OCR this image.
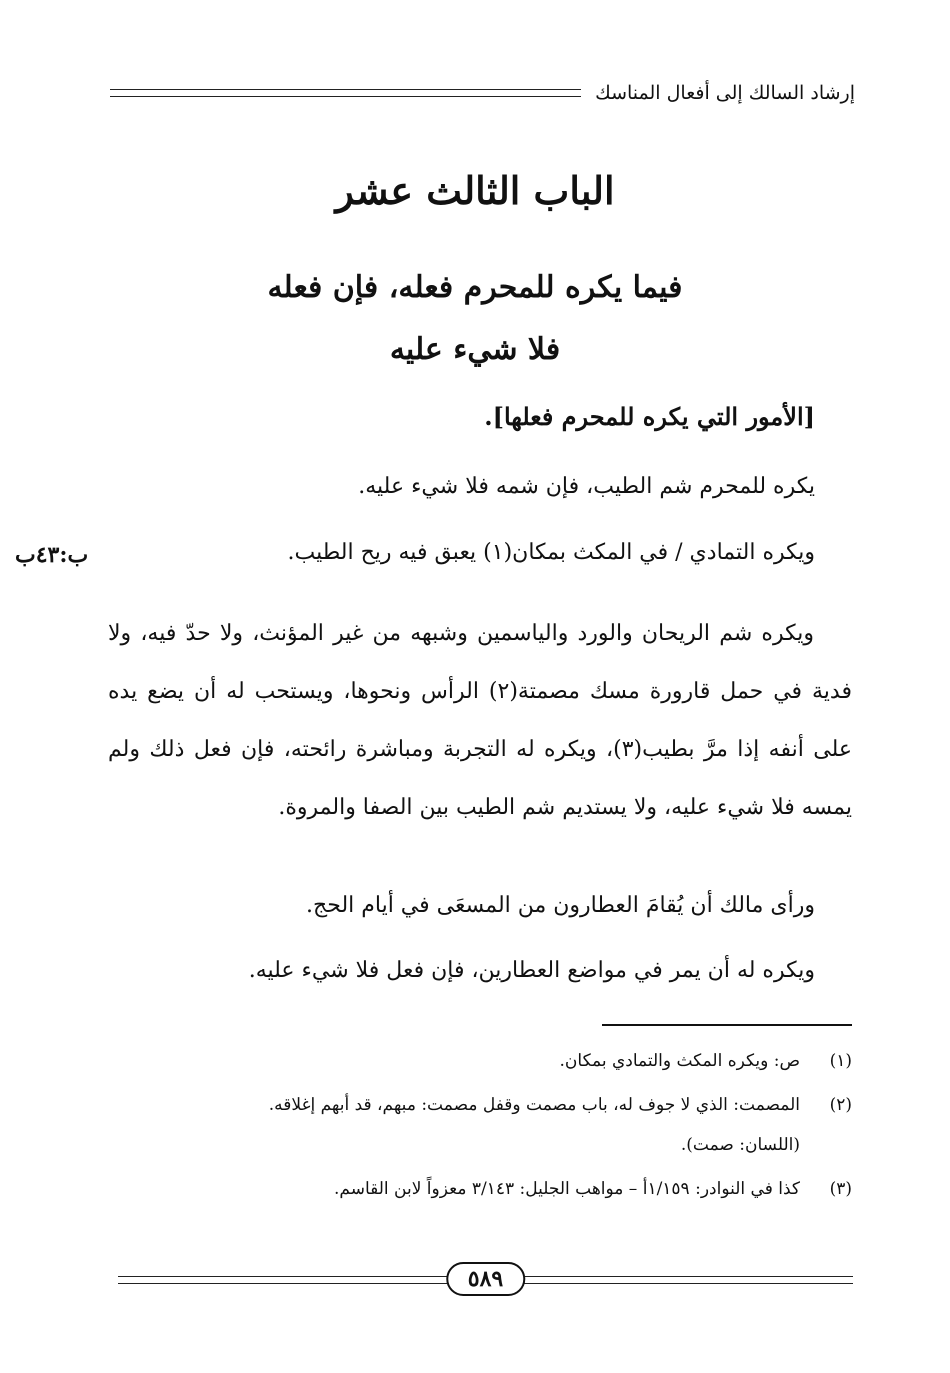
إرشاد السالك إلى أفعال المناسك
الباب الثالث عشر
فيما يكره للمحرم فعله، فإن فعله
فلا شيء عليه
[الأمور التي يكره للمحرم فعلها].
يكره للمحرم شم الطيب، فإن شمه فلا شيء عليه.
ويكره التمادي / في المكث بمكان(١) يعبق فيه ريح الطيب.
ب:٤٣ب

ويكره شم الريحان والورد والياسمين وشبهه من غير المؤنث، ولا حدّ فيه، ولا فدية في حمل قارورة مسك مصمتة(٢) الرأس ونحوها، ويستحب له أن يضع يده على أنفه إذا مرَّ بطيب(٣)، ويكره له التجربة ومباشرة رائحته، فإن فعل ذلك ولم يمسه فلا شيء عليه، ولا يستديم شم الطيب بين الصفا والمروة.

ورأى مالك أن يُقامَ العطارون من المسعَى في أيام الحج.
ويكره له أن يمر في مواضع العطارين، فإن فعل فلا شيء عليه.
(١)
ص: ويكره المكث والتمادي بمكان.
(٢)
المصمت: الذي لا جوف له، باب مصمت وقفل مصمت: مبهم، قد أبهم إغلاقه.
(اللسان: صمت).
(٣)
كذا في النوادر: ١/١٥٩أ – مواهب الجليل: ٣/١٤٣ معزواً لابن القاسم.
٥٨٩
